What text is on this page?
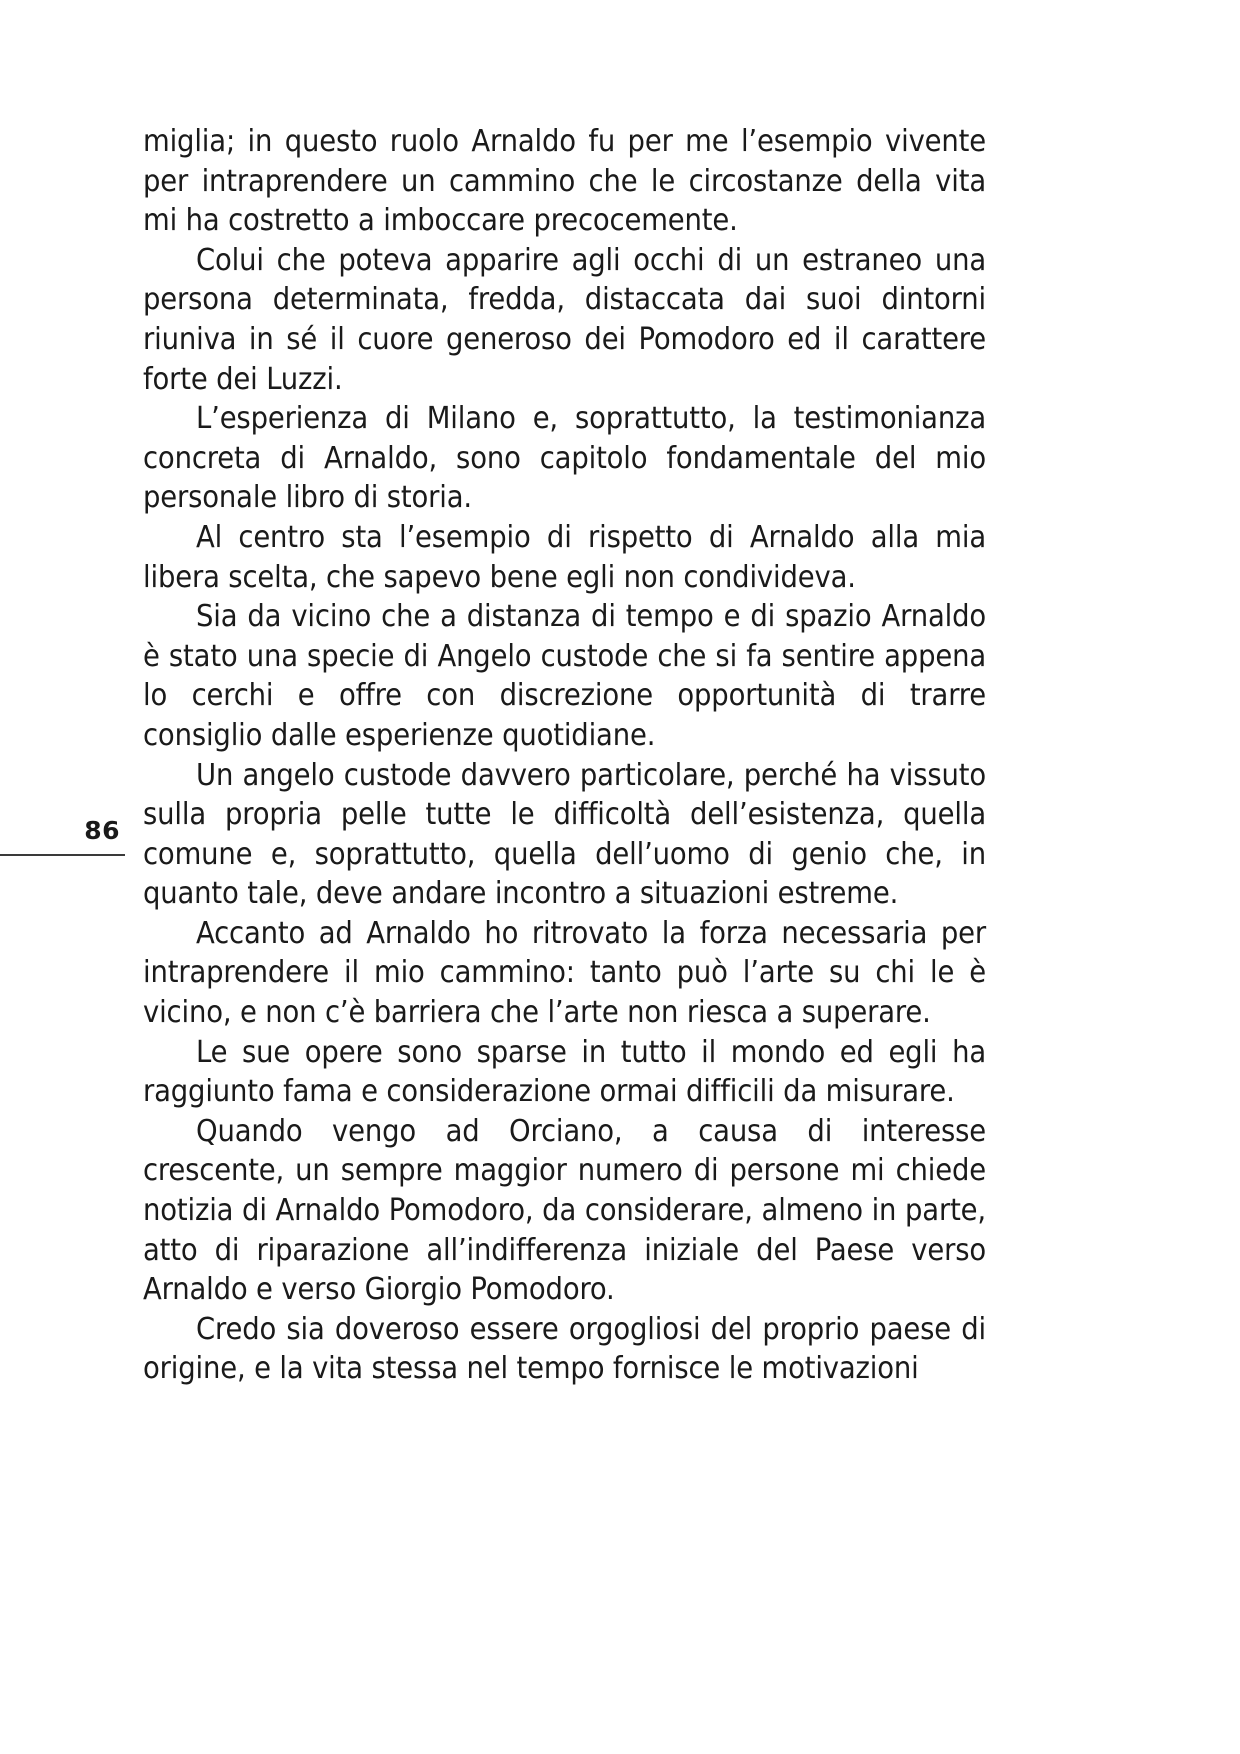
86

miglia; in questo ruolo Arnaldo fu per me l’esempio vivente per intraprendere un cammino che le circostanze della vita mi ha costretto a imboccare precocemente.

Colui che poteva apparire agli occhi di un estraneo una persona determinata, fredda, distaccata dai suoi dintorni riuniva in sé il cuore generoso dei Pomodoro ed il carattere forte dei Luzzi.

L’esperienza di Milano e, soprattutto, la testimonianza concreta di Arnaldo, sono capitolo fondamentale del mio personale libro di storia.

Al centro sta l’esempio di rispetto di Arnaldo alla mia libera scelta, che sapevo bene egli non condivideva.

Sia da vicino che a distanza di tempo e di spazio Arnaldo è stato una specie di Angelo custode che si fa sentire appena lo cerchi e offre con discrezione opportunità di trarre consiglio dalle esperienze quotidiane.

Un angelo custode davvero particolare, perché ha vissuto sulla propria pelle tutte le difficoltà dell’esistenza, quella comune e, soprattutto, quella dell’uomo di genio che, in quanto tale, deve andare incontro a situazioni estreme.

Accanto ad Arnaldo ho ritrovato la forza necessaria per intraprendere il mio cammino: tanto può l’arte su chi le è vicino, e non c’è barriera che l’arte non riesca a superare.

Le sue opere sono sparse in tutto il mondo ed egli ha raggiunto fama e considerazione ormai difficili da misurare.

Quando vengo ad Orciano, a causa di interesse crescente, un sempre maggior numero di persone mi chiede notizia di Arnaldo Pomodoro, da considerare, almeno in parte, atto di riparazione all’indifferenza iniziale del Paese verso Arnaldo e verso Giorgio Pomodoro.

Credo sia doveroso essere orgogliosi del proprio paese di origine, e la vita stessa nel tempo fornisce le motivazioni
